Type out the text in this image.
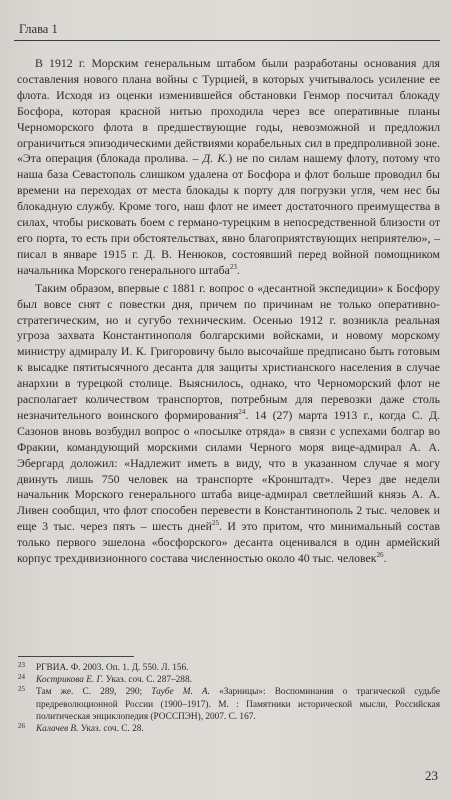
Глава 1

В 1912 г. Морским генеральным штабом были разработаны основания для составления нового плана войны с Турцией, в которых учитывалось усиление ее флота. Исходя из оценки изменившейся обстановки Генмор посчитал блокаду Босфора, которая красной нитью проходила через все оперативные планы Черноморского флота в предшествующие годы, невозможной и предложил ограничиться эпизодическими действиями корабельных сил в предпроливной зоне. «Эта операция (блокада пролива. – Д. К.) не по силам нашему флоту, потому что наша база Севастополь слишком удалена от Босфора и флот больше проводил бы времени на переходах от места блокады к порту для погрузки угля, чем нес бы блокадную службу. Кроме того, наш флот не имеет достаточного преимущества в силах, чтобы рисковать боем с германо-турецким в непосредственной близости от его порта, то есть при обстоятельствах, явно благоприятствующих неприятелю», – писал в январе 1915 г. Д. В. Ненюков, состоявший перед войной помощником начальника Морского генерального штаба$^{23}$.

Таким образом, впервые с 1881 г. вопрос о «десантной экспедиции» к Босфору был вовсе снят с повестки дня, причем по причинам не только оперативно-стратегическим, но и сугубо техническим. Осенью 1912 г. возникла реальная угроза захвата Константинополя болгарскими войсками, и новому морскому министру адмиралу И. К. Григоровичу было высочайше предписано быть готовым к высадке пятитысячного десанта для защиты христианского населения в случае анархии в турецкой столице. Выяснилось, однако, что Черноморский флот не располагает количеством транспортов, потребным для перевозки даже столь незначительного воинского формирования$^{24}$. 14 (27) марта 1913 г., когда С. Д. Сазонов вновь возбудил вопрос о «посылке отряда» в связи с успехами болгар во Фракии, командующий морскими силами Черного моря вице-адмирал А. А. Эбергард доложил: «Надлежит иметь в виду, что в указанном случае я могу двинуть лишь 750 человек на транспорте «Кронштадт». Через две недели начальник Морского генерального штаба вице-адмирал светлейший князь А. А. Ливен сообщил, что флот способен перевести в Константинополь 2 тыс. человек и еще 3 тыс. через пять – шесть дней$^{25}$. И это притом, что минимальный состав только первого эшелона «босфорского» десанта оценивался в один армейский корпус трехдивизионного состава численностью около 40 тыс. человек$^{26}$.

23 РГВИА. Ф. 2003. Оп. 1. Д. 550. Л. 156.
24 Кострикова Е. Г. Указ. соч. С. 287–288.
25 Там же. С. 289, 290; Таубе М. А. «Зарницы»: Воспоминания о трагической судьбе предреволюционной России (1900–1917). М. : Памятники исторической мысли, Российская политическая энциклопедия (РОССПЭН), 2007. С. 167.
26 Калачев В. Указ. соч. С. 28.
23
